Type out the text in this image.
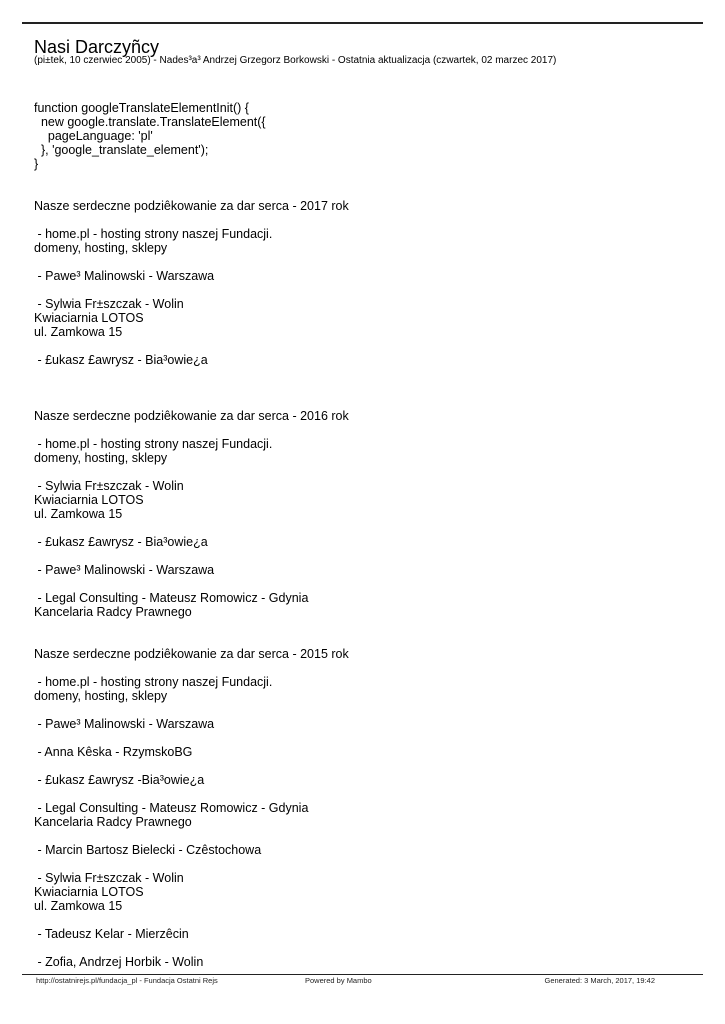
Nasi Darczyñcy
(pi±tek, 10 czerwiec 2005) - Nades³a³ Andrzej Grzegorz Borkowski - Ostatnia aktualizacja (czwartek, 02 marzec 2017)
function googleTranslateElementInit() {
new google.translate.TranslateElement({
pageLanguage: 'pl'
}, 'google_translate_element');
}
Nasze serdeczne podziêkowanie za dar serca - 2017 rok
- home.pl - hosting strony naszej Fundacji.
domeny, hosting, sklepy
- Pawe³ Malinowski - Warszawa
- Sylwia Fr±szczak - Wolin
Kwiaciarnia LOTOS
ul. Zamkowa 15
- £ukasz £awrysz - Bia³owie¿a
Nasze serdeczne podziêkowanie za dar serca - 2016 rok
- home.pl - hosting strony naszej Fundacji.
domeny, hosting, sklepy
- Sylwia Fr±szczak - Wolin
Kwiaciarnia LOTOS
ul. Zamkowa 15
- £ukasz £awrysz - Bia³owie¿a
- Pawe³ Malinowski - Warszawa
- Legal Consulting - Mateusz Romowicz - Gdynia
Kancelaria Radcy Prawnego
Nasze serdeczne podziêkowanie za dar serca - 2015 rok
- home.pl - hosting strony naszej Fundacji.
domeny, hosting, sklepy
- Pawe³ Malinowski - Warszawa
- Anna Kêska - RzymskoBG
- £ukasz £awrysz -Bia³owie¿a
- Legal Consulting - Mateusz Romowicz - Gdynia
Kancelaria Radcy Prawnego
- Marcin Bartosz Bielecki - Czêstochowa
- Sylwia Fr±szczak - Wolin
Kwiaciarnia LOTOS
ul. Zamkowa 15
- Tadeusz Kelar - Mierzêcin
- Zofia, Andrzej Horbik - Wolin
http://ostatnirejs.pl/fundacja_pl - Fundacja Ostatni Rejs	Powered by Mambo	Generated: 3 March, 2017, 19:42
